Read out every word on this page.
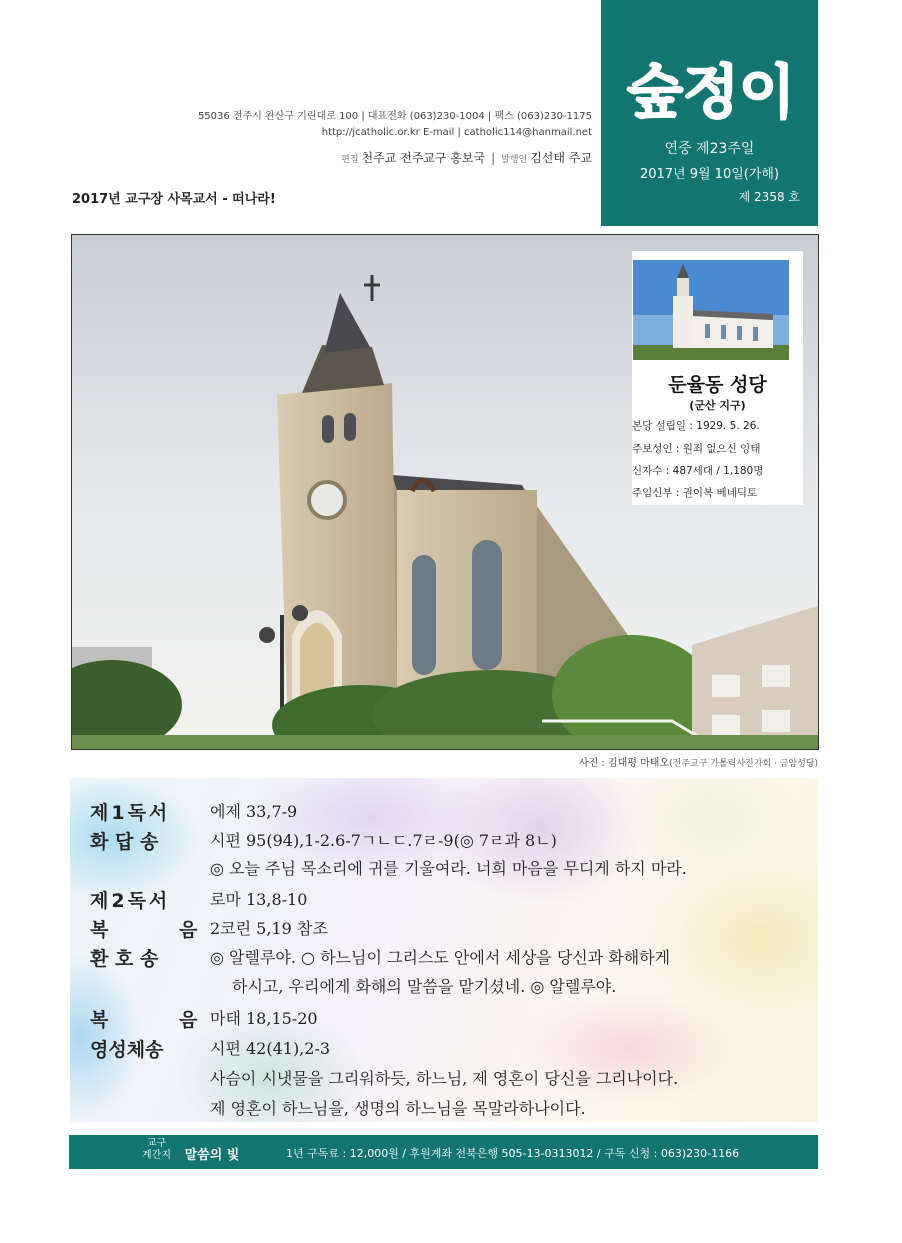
55036 전주시 완산구 기린대로 100 | 대표전화 (063)230-1004 | 팩스 (063)230-1175
http://jcatholic.or.kr E-mail | catholic114@hanmail.net
편집 천주교 전주교구 홍보국 | 발행인 김선태 주교
2017년 교구장 사목교서 - 떠나라!
숲정이
연중 제23주일
2017년 9월 10일(가해)
제 2358 호
사진 : 김대평 마태오(전주교구 가톨릭사진가회 · 금암성당)
둔율동 성당
(군산 지구)
본당 설립일 : 1929. 5. 26.
주보성인 : 원죄 없으신 잉태
신자수 : 487세대 / 1,180명
주임신부 : 권이복 베네딕토
제1독서 에제 33,7-9
화 답 송	시편 95(94),1-2.6-7ㄱㄴㄷ.7ㄹ-9(◎ 7ㄹ과 8ㄴ)
◎ 오늘 주님 목소리에 귀를 기울여라. 너희 마음을 무디게 하지 마라.
제2독서 로마 13,8-10
복 음 2코린 5,19 참조
환 호 송	◎ 알렐루야. ○ 하느님이 그리스도 안에서 세상을 당신과 화해하게
하시고, 우리에게 화해의 말씀을 맡기셨네. ◎ 알렐루야.
복 음 마태 18,15-20
영성체송	시편 42(41),2-3
사슴이 시냇물을 그리워하듯, 하느님, 제 영혼이 당신을 그리나이다.
제 영혼이 하느님을, 생명의 하느님을 목말라하나이다.
교구
계간지 말씀의 빛	1년 구독료 : 12,000원 / 후원계좌 전북은행 505-13-0313012 / 구독 신청 : 063)230-1166
